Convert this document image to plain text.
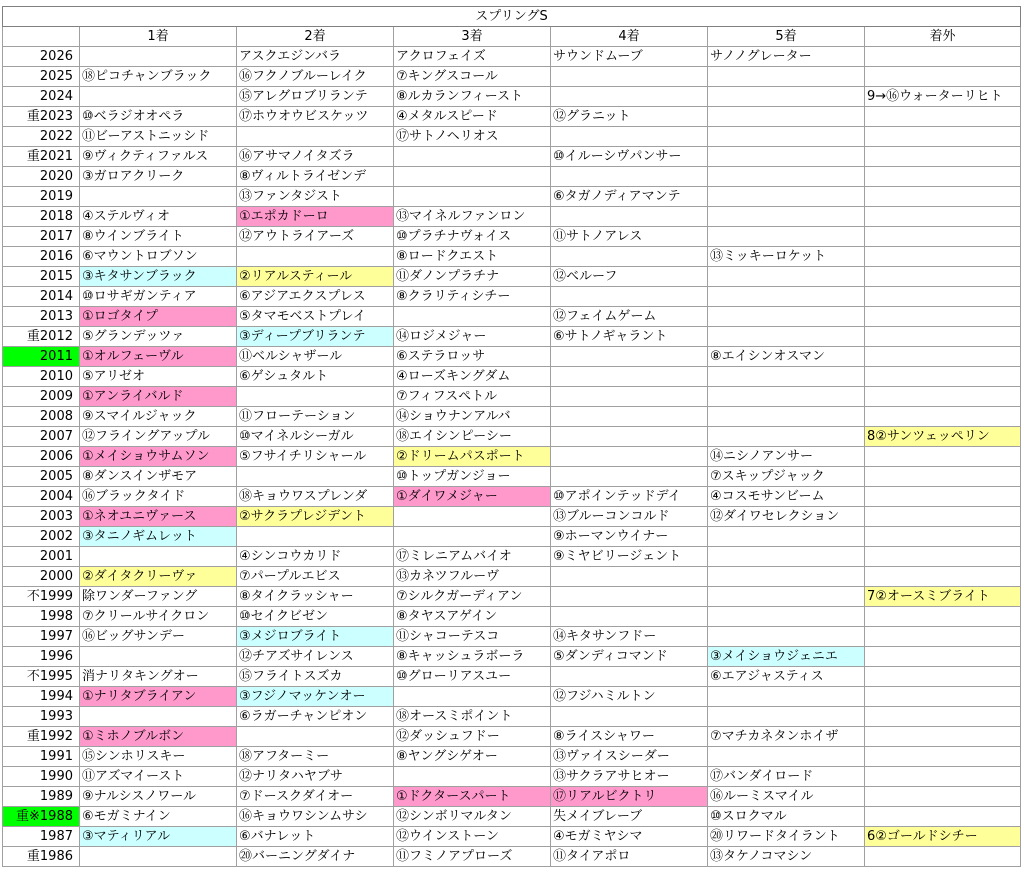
スプリングS						
	1着	2着	3着	4着	5着	着外
2026		アスクエジンバラ	アクロフェイズ	サウンドムーブ	サノノグレーター	
2025	⑱ピコチャンブラック	⑯フクノブルーレイク	⑦キングスコール			
2024		⑮アレグロブリランテ	⑧ルカランフィースト			9→⑯ウォーターリヒト
重2023	⑩ベラジオオペラ	⑰ホウオウビスケッツ	④メタルスピード	⑫グラニット		
2022	⑪ビーアストニッシド		⑰サトノヘリオス			
重2021	⑨ヴィクティファルス	⑯アサマノイタズラ		⑩イルーシヴパンサー		
2020	③ガロアクリーク	⑧ヴィルトライゼンデ				
2019		⑬ファンタジスト		⑥タガノディアマンテ		
2018	④ステルヴィオ	①エポカドーロ	⑬マイネルファンロン			
2017	⑧ウインブライト	⑫アウトライアーズ	⑩プラチナヴォイス	⑪サトノアレス		
2016	⑥マウントロブソン		⑧ロードクエスト		⑬ミッキーロケット	
2015	③キタサンブラック	②リアルスティール	⑪ダノンプラチナ	⑫ベルーフ		
2014	⑩ロサギガンティア	⑥アジアエクスプレス	⑧クラリティシチー			
2013	①ロゴタイプ	⑤タマモベストプレイ		⑫フェイムゲーム		
重2012	⑤グランデッツァ	③ディープブリランテ	⑭ロジメジャー	⑥サトノギャラント		
2011	①オルフェーヴル	⑪ベルシャザール	⑥ステラロッサ		⑧エイシンオスマン	
2010	⑤アリゼオ	⑥ゲシュタルト	④ローズキングダム			
2009	①アンライバルド		⑦フィフスペトル			
2008	⑨スマイルジャック	⑪フローテーション	⑭ショウナンアルバ			
2007	⑫フライングアップル	⑩マイネルシーガル	⑱エイシンピーシー			8②サンツェッペリン
2006	①メイショウサムソン	⑤フサイチリシャール	②ドリームパスポート		⑭ニシノアンサー	
2005	⑧ダンスインザモア		⑩トップガンジョー		⑦スキップジャック	
2004	⑯ブラックタイド	⑱キョウワスプレンダ	①ダイワメジャー	⑩アポインテッドデイ	④コスモサンビーム	
2003	①ネオユニヴァース	②サクラプレジデント		⑬ブルーコンコルド	⑫ダイワセレクション	
2002	③タニノギムレット			⑨ホーマンウイナー		
2001		④シンコウカリド	⑰ミレニアムバイオ	⑨ミヤビリージェント		
2000	②ダイタクリーヴァ	⑦パープルエビス	⑬カネツフルーヴ			
不1999	除ワンダーファング	⑧タイクラッシャー	⑦シルクガーディアン			7②オースミブライト
1998	⑦クリールサイクロン	⑩セイクビゼン	⑧タヤスアゲイン			
1997	⑯ビッグサンデー	③メジロブライト	⑪シャコーテスコ	⑭キタサンフドー		
1996		⑫チアズサイレンス	⑧キャッシュラボーラ	⑤ダンディコマンド	③メイショウジェニエ	
不1995	消ナリタキングオー	⑮フライトスズカ	⑩グローリアスユー		⑥エアジャスティス	
1994	①ナリタブライアン	③フジノマッケンオー		⑫フジハミルトン		
1993		⑥ラガーチャンピオン	⑱オースミポイント			
重1992	①ミホノブルボン		⑫ダッシュフドー	⑧ライスシャワー	⑦マチカネタンホイザ	
1991	⑮シンホリスキー	⑱アフターミー	⑧ヤングシゲオー	⑬ヴァイスシーダー		
1990	⑪アズマイースト	⑫ナリタハヤブサ		⑬サクラアサヒオー	⑰バンダイロード	
1989	⑨ナルシスノワール	⑦ドースクダイオー	①ドクタースパート	⑰リアルビクトリ	⑯ルーミスマイル	
重※1988	⑥モガミナイン	⑯キョウワシンムサシ	⑫シンボリマルタン	失メイブレーブ	⑩スロクマル	
1987	③マティリアル	⑥バナレット	⑫ウインストーン	④モガミヤシマ	⑳リワードタイラント	6②ゴールドシチー
重1986		⑳バーニングダイナ	⑪フミノアプローズ	⑪タイアポロ	⑬タケノコマシン	
